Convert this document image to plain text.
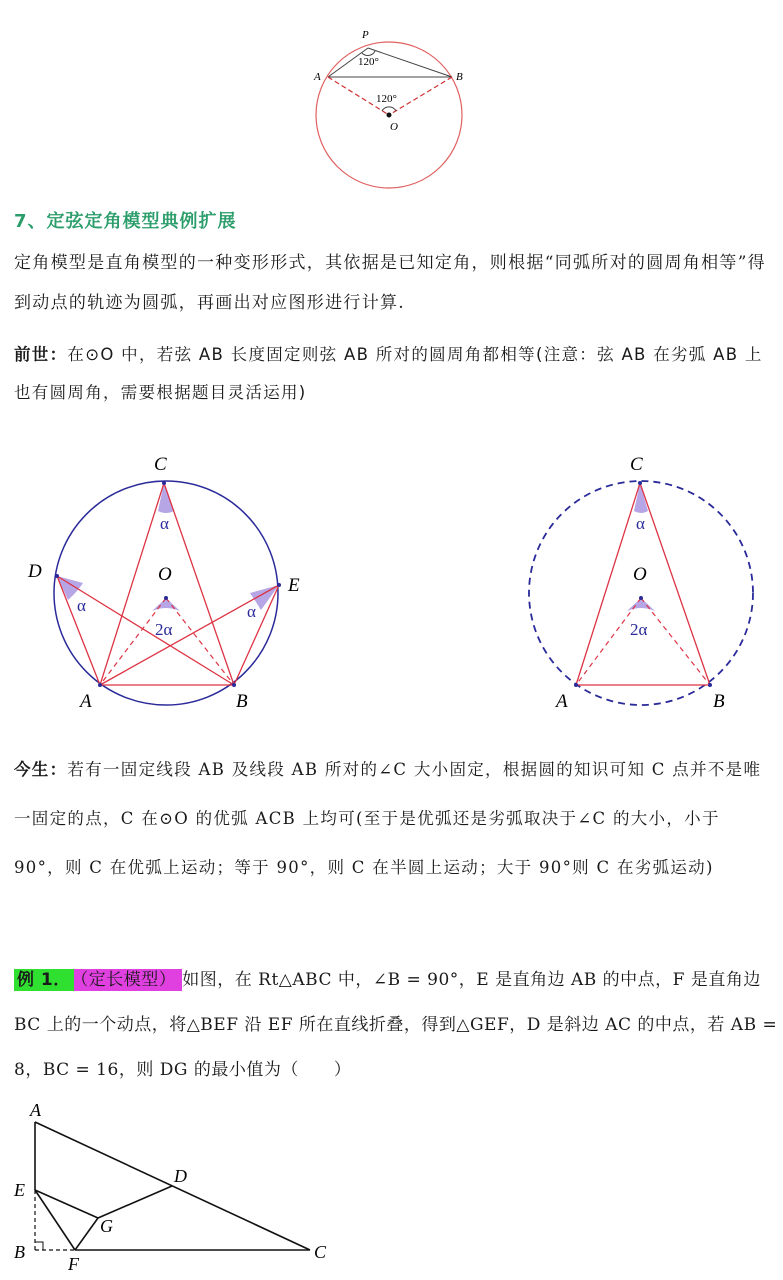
P
A	B
O
120°
120°
7、定弦定角模型典例扩展
定角模型是直角模型的一种变形形式，其依据是已知定角，则根据“同弧所对的圆周角相等”得到动点的轨迹为圆弧，再画出对应图形进行计算.
前世：在⊙O 中，若弦 AB 长度固定则弦 AB 所对的圆周角都相等(注意：弦 AB 在劣弧 AB 上也有圆周角，需要根据题目灵活运用)
C
D
E
O
A	B
α
α	α
2α
C
O
A	B
α
2α
今生：若有一固定线段 AB 及线段 AB 所对的∠C 大小固定，根据圆的知识可知 C 点并不是唯一固定的点，C 在⊙O 的优弧 ACB 上均可(至于是优弧还是劣弧取决于∠C 的大小，小于 90°，则 C 在优弧上运动；等于 90°，则 C 在半圆上运动；大于 90°则 C 在劣弧运动)
例 1． （定长模型） 如图，在 Rt△ABC 中，∠B = 90°，E 是直角边 AB 的中点，F 是直角边 BC 上的一个动点，将△BEF 沿 EF 所在直线折叠，得到△GEF，D 是斜边 AC 的中点，若 AB = 8，BC = 16，则 DG 的最小值为（　　）
A
E
B
F
G
D
C
